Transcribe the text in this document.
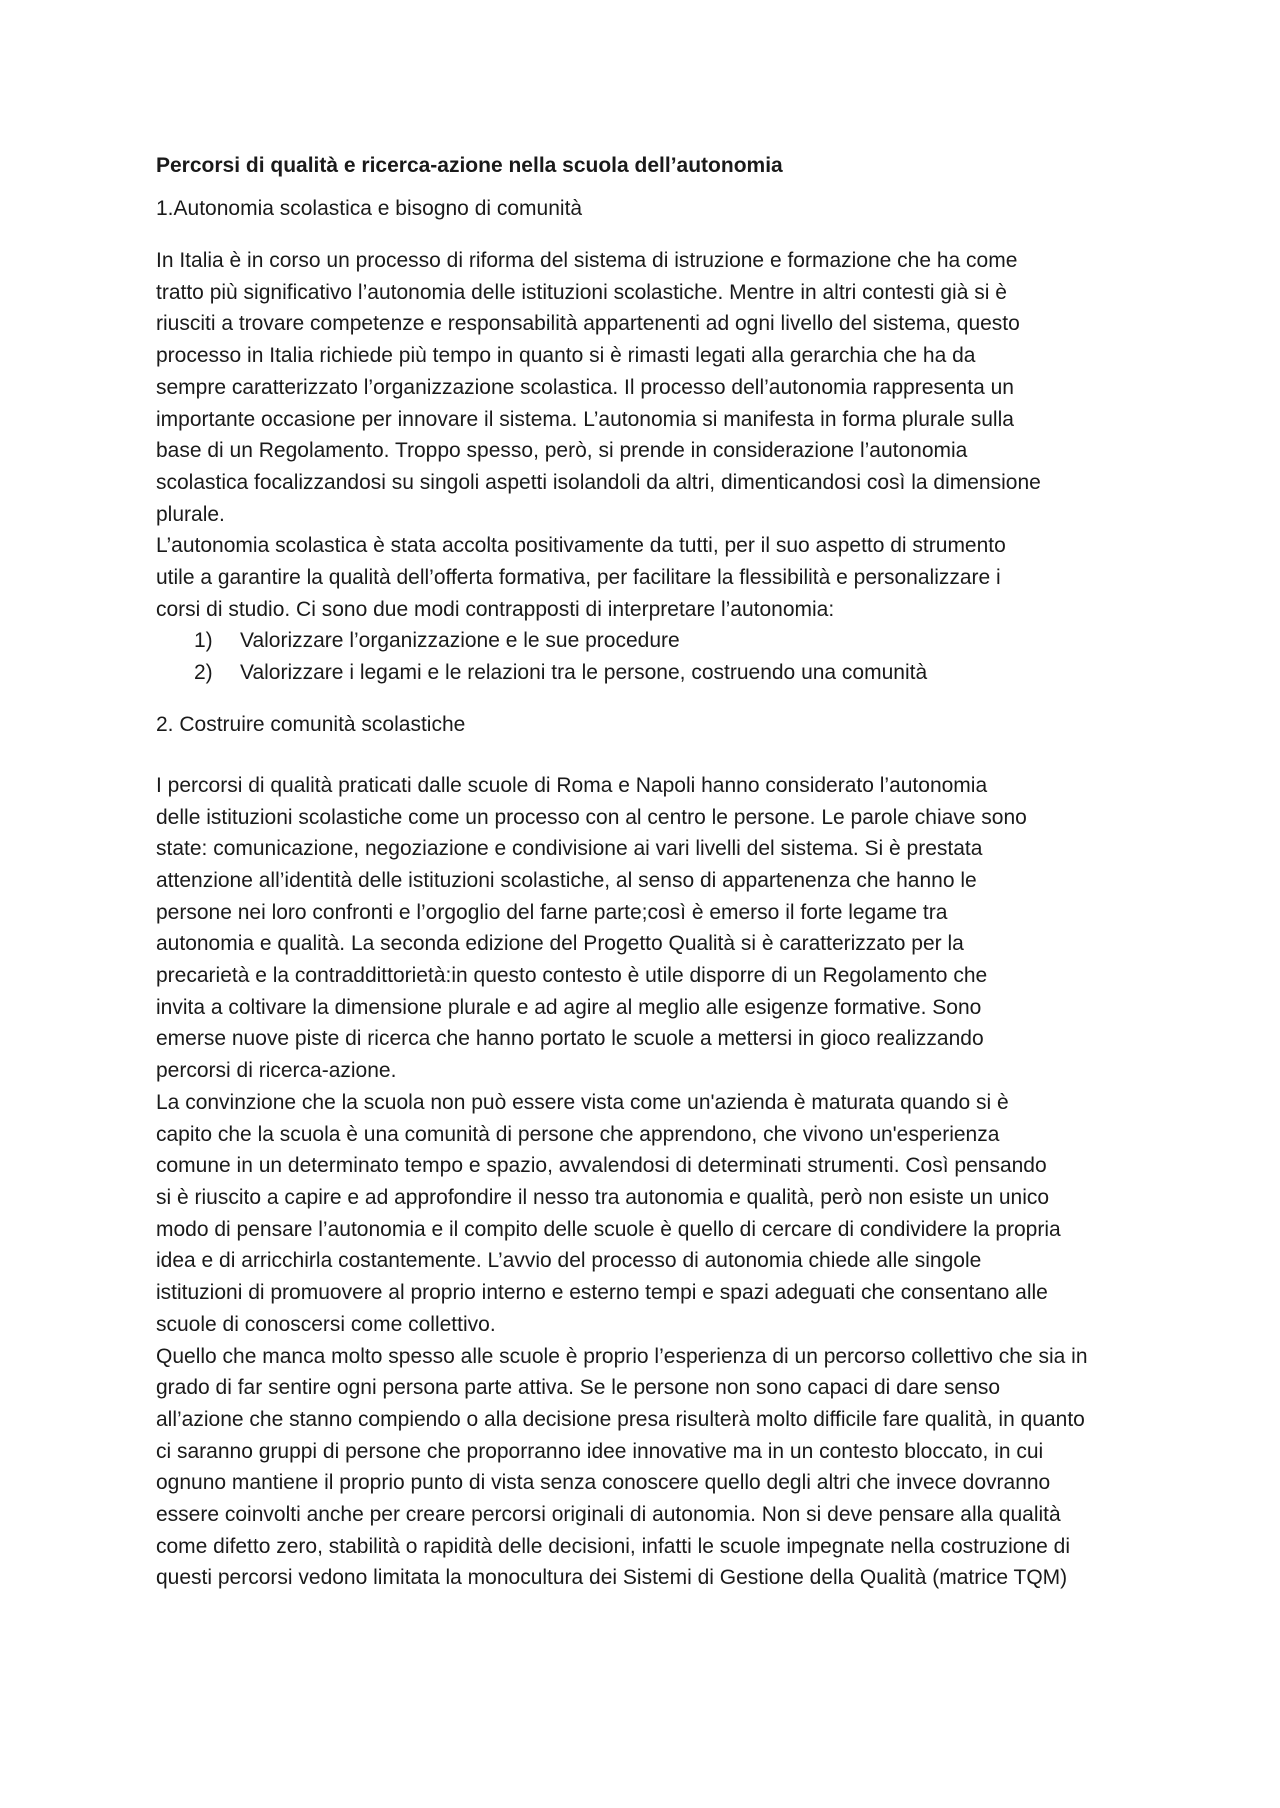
Percorsi di qualità e ricerca-azione nella scuola dell’autonomia
1.Autonomia scolastica e bisogno di comunità
In Italia è in corso un processo di riforma del sistema di istruzione e formazione che ha come
tratto più significativo l’autonomia delle istituzioni scolastiche. Mentre in altri contesti già si è
riusciti a trovare competenze e responsabilità appartenenti ad ogni livello del sistema, questo
processo in Italia richiede più tempo in quanto si è rimasti legati alla gerarchia che ha da
sempre caratterizzato l’organizzazione scolastica. Il processo dell’autonomia rappresenta un
importante occasione per innovare il sistema. L’autonomia si manifesta in forma plurale sulla
base di un Regolamento. Troppo spesso, però, si prende in considerazione l’autonomia
scolastica focalizzandosi su singoli aspetti isolandoli da altri, dimenticandosi così la dimensione
plurale.
L’autonomia scolastica è stata accolta positivamente da tutti, per il suo aspetto di strumento
utile a garantire la qualità dell’offerta formativa, per facilitare la flessibilità e personalizzare i
corsi di studio. Ci sono due modi contrapposti di interpretare l’autonomia:
1) Valorizzare l’organizzazione e le sue procedure
2) Valorizzare i legami e le relazioni tra le persone, costruendo una comunità
2. Costruire comunità scolastiche
I percorsi di qualità praticati dalle scuole di Roma e Napoli hanno considerato l’autonomia
delle istituzioni scolastiche come un processo con al centro le persone. Le parole chiave sono
state: comunicazione, negoziazione e condivisione ai vari livelli del sistema. Si è prestata
attenzione all’identità delle istituzioni scolastiche, al senso di appartenenza che hanno le
persone nei loro confronti e l’orgoglio del farne parte;così è emerso il forte legame tra
autonomia e qualità. La seconda edizione del Progetto Qualità si è caratterizzato per la
precarietà e la contraddittorietà:in questo contesto è utile disporre di un Regolamento che
invita a coltivare la dimensione plurale e ad agire al meglio alle esigenze formative. Sono
emerse nuove piste di ricerca che hanno portato le scuole a mettersi in gioco realizzando
percorsi di ricerca-azione.
La convinzione che la scuola non può essere vista come un'azienda è maturata quando si è
capito che la scuola è una comunità di persone che apprendono, che vivono un'esperienza
comune in un determinato tempo e spazio, avvalendosi di determinati strumenti. Così pensando
si è riuscito a capire e ad approfondire il nesso tra autonomia e qualità, però non esiste un unico
modo di pensare l’autonomia e il compito delle scuole è quello di cercare di condividere la propria
idea e di arricchirla costantemente. L’avvio del processo di autonomia chiede alle singole
istituzioni di promuovere al proprio interno e esterno tempi e spazi adeguati che consentano alle
scuole di conoscersi come collettivo.
Quello che manca molto spesso alle scuole è proprio l’esperienza di un percorso collettivo che sia in
grado di far sentire ogni persona parte attiva. Se le persone non sono capaci di dare senso
all’azione che stanno compiendo o alla decisione presa risulterà molto difficile fare qualità, in quanto
ci saranno gruppi di persone che proporranno idee innovative ma in un contesto bloccato, in cui
ognuno mantiene il proprio punto di vista senza conoscere quello degli altri che invece dovranno
essere coinvolti anche per creare percorsi originali di autonomia. Non si deve pensare alla qualità
come difetto zero, stabilità o rapidità delle decisioni, infatti le scuole impegnate nella costruzione di
questi percorsi vedono limitata la monocultura dei Sistemi di Gestione della Qualità (matrice TQM)
